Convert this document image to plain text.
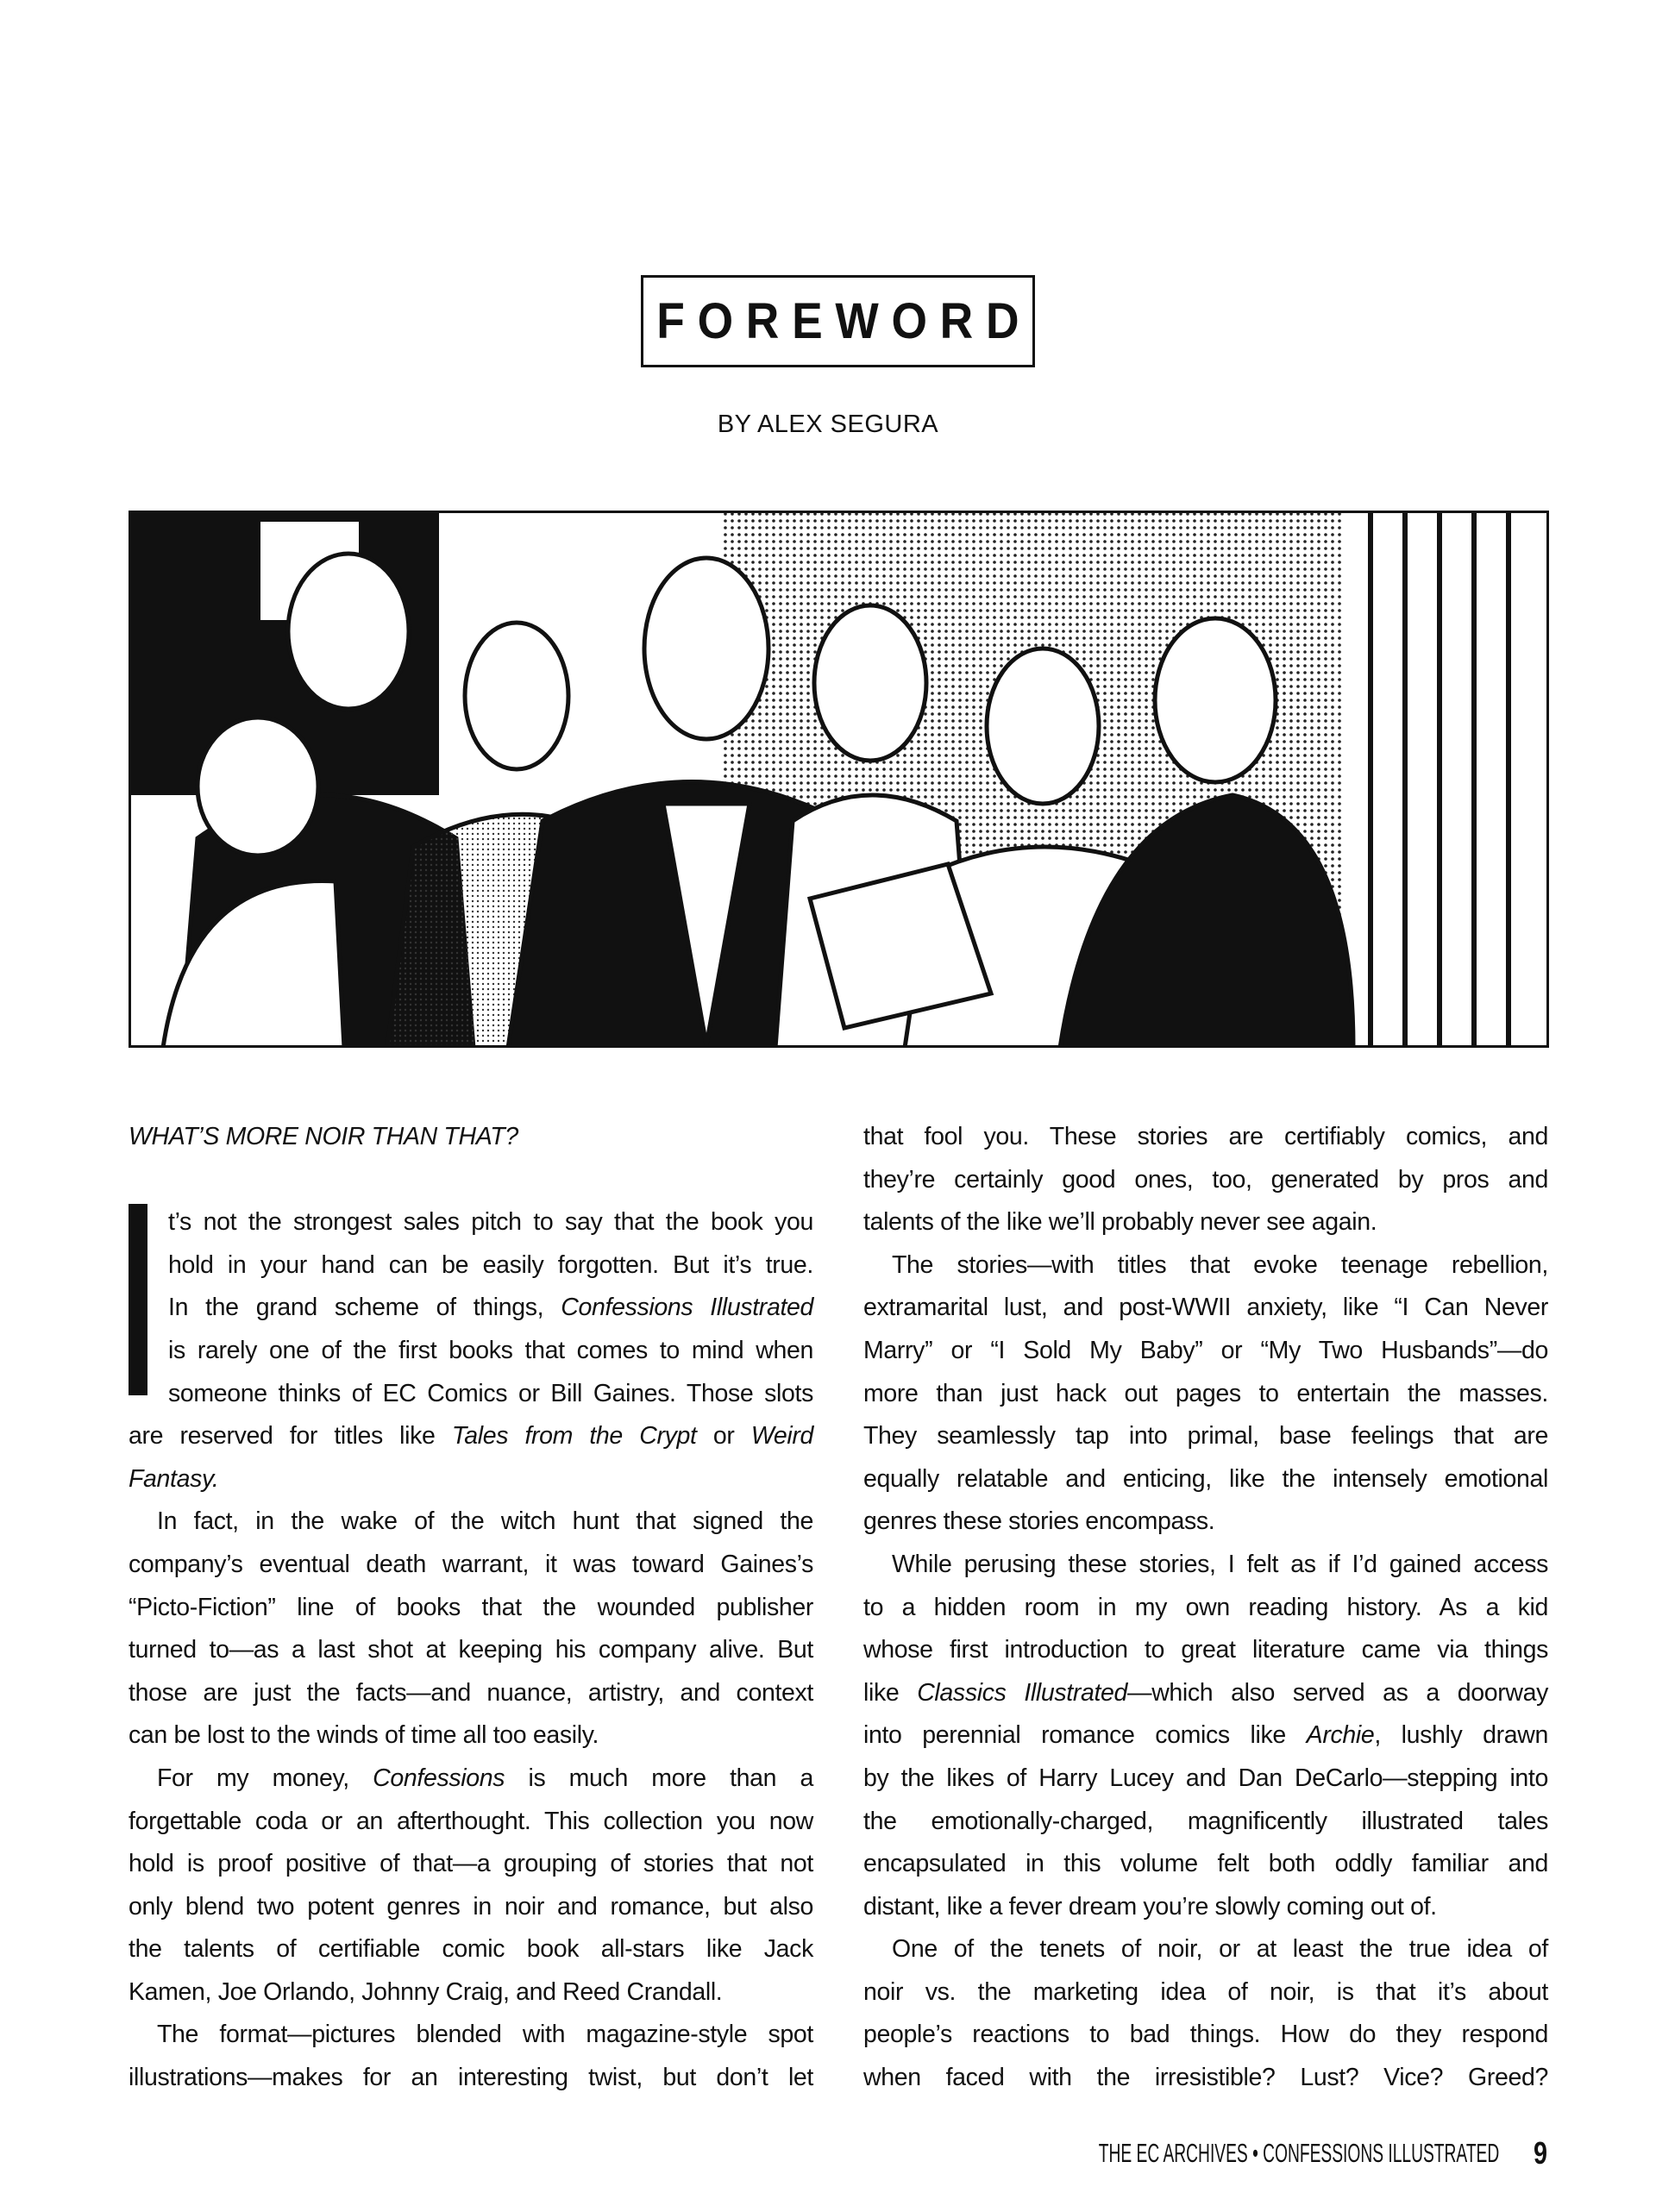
FOREWORD
BY ALEX SEGURA
WHAT’S MORE NOIR THAN THAT?
t’s not the strongest sales pitch to say that the book you
hold in your hand can be easily forgotten. But it’s true.
In the grand scheme of things, Confessions Illustrated
is rarely one of the first books that comes to mind when
someone thinks of EC Comics or Bill Gaines. Those slots
are reserved for titles like Tales from the Crypt or Weird
Fantasy.
In fact, in the wake of the witch hunt that signed the
company’s eventual death warrant, it was toward Gaines’s
“Picto-Fiction” line of books that the wounded publisher
turned to—as a last shot at keeping his company alive. But
those are just the facts—and nuance, artistry, and context
can be lost to the winds of time all too easily.
For my money, Confessions is much more than a
forgettable coda or an afterthought. This collection you now
hold is proof positive of that—a grouping of stories that not
only blend two potent genres in noir and romance, but also
the talents of certifiable comic book all-stars like Jack
Kamen, Joe Orlando, Johnny Craig, and Reed Crandall.
The format—pictures blended with magazine-style spot
illustrations—makes for an interesting twist, but don’t let
that fool you. These stories are certifiably comics, and
they’re certainly good ones, too, generated by pros and
talents of the like we’ll probably never see again.
The stories—with titles that evoke teenage rebellion,
extramarital lust, and post-WWII anxiety, like “I Can Never
Marry” or “I Sold My Baby” or “My Two Husbands”—do
more than just hack out pages to entertain the masses.
They seamlessly tap into primal, base feelings that are
equally relatable and enticing, like the intensely emotional
genres these stories encompass.
While perusing these stories, I felt as if I’d gained access
to a hidden room in my own reading history. As a kid
whose first introduction to great literature came via things
like Classics Illustrated—which also served as a doorway
into perennial romance comics like Archie, lushly drawn
by the likes of Harry Lucey and Dan DeCarlo—stepping into
the emotionally-charged, magnificently illustrated tales
encapsulated in this volume felt both oddly familiar and
distant, like a fever dream you’re slowly coming out of.
One of the tenets of noir, or at least the true idea of
noir vs. the marketing idea of noir, is that it’s about
people’s reactions to bad things. How do they respond
when faced with the irresistible? Lust? Vice? Greed?
THE EC ARCHIVES • CONFESSIONS ILLUSTRATED 9
